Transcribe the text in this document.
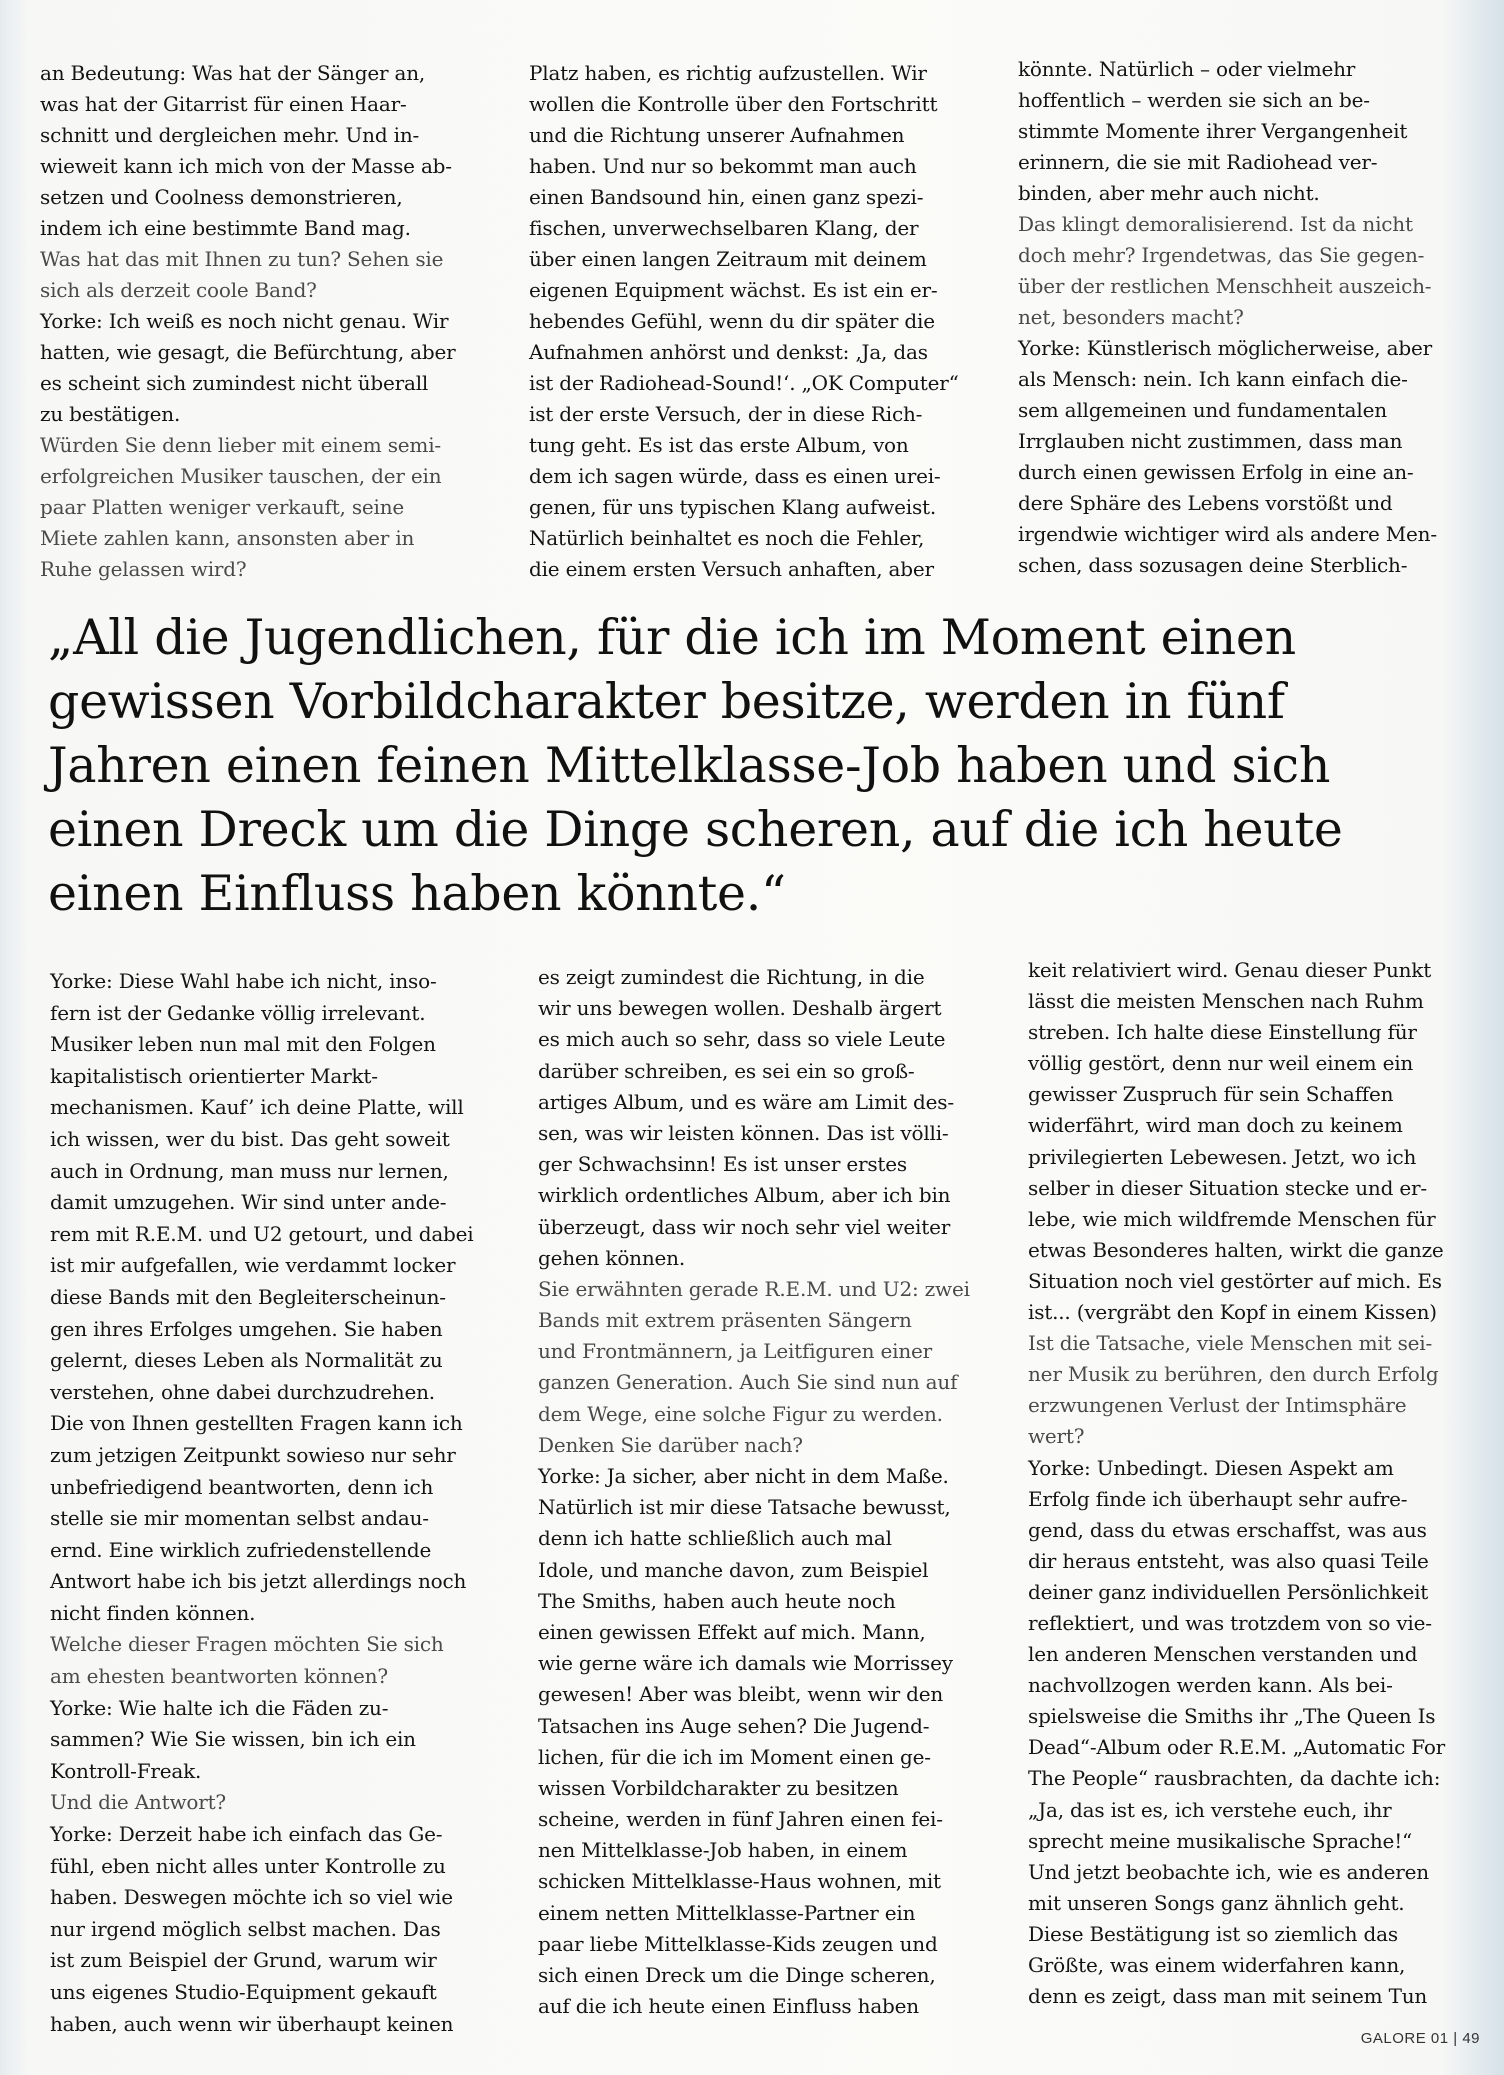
an Bedeutung: Was hat der Sänger an,
was hat der Gitarrist für einen Haar-
schnitt und dergleichen mehr. Und in-
wieweit kann ich mich von der Masse ab-
setzen und Coolness demonstrieren,
indem ich eine bestimmte Band mag.
Was hat das mit Ihnen zu tun? Sehen sie
sich als derzeit coole Band?
Yorke: Ich weiß es noch nicht genau. Wir
hatten, wie gesagt, die Befürchtung, aber
es scheint sich zumindest nicht überall
zu bestätigen.
Würden Sie denn lieber mit einem semi-
erfolgreichen Musiker tauschen, der ein
paar Platten weniger verkauft, seine
Miete zahlen kann, ansonsten aber in
Ruhe gelassen wird?
Platz haben, es richtig aufzustellen. Wir
wollen die Kontrolle über den Fortschritt
und die Richtung unserer Aufnahmen
haben. Und nur so bekommt man auch
einen Bandsound hin, einen ganz spezi-
fischen, unverwechselbaren Klang, der
über einen langen Zeitraum mit deinem
eigenen Equipment wächst. Es ist ein er-
hebendes Gefühl, wenn du dir später die
Aufnahmen anhörst und denkst: ‚Ja, das
ist der Radiohead-Sound!‘. „OK Computer“
ist der erste Versuch, der in diese Rich-
tung geht. Es ist das erste Album, von
dem ich sagen würde, dass es einen urei-
genen, für uns typischen Klang aufweist.
Natürlich beinhaltet es noch die Fehler,
die einem ersten Versuch anhaften, aber
könnte. Natürlich – oder vielmehr
hoffentlich – werden sie sich an be-
stimmte Momente ihrer Vergangenheit
erinnern, die sie mit Radiohead ver-
binden, aber mehr auch nicht.
Das klingt demoralisierend. Ist da nicht
doch mehr? Irgendetwas, das Sie gegen-
über der restlichen Menschheit auszeich-
net, besonders macht?
Yorke: Künstlerisch möglicherweise, aber
als Mensch: nein. Ich kann einfach die-
sem allgemeinen und fundamentalen
Irrglauben nicht zustimmen, dass man
durch einen gewissen Erfolg in eine an-
dere Sphäre des Lebens vorstößt und
irgendwie wichtiger wird als andere Men-
schen, dass sozusagen deine Sterblich-
„All die Jugendlichen, für die ich im Moment einen
gewissen Vorbildcharakter besitze, werden in fünf
Jahren einen feinen Mittelklasse-Job haben und sich
einen Dreck um die Dinge scheren, auf die ich heute
einen Einfluss haben könnte.“
Yorke: Diese Wahl habe ich nicht, inso-
fern ist der Gedanke völlig irrelevant.
Musiker leben nun mal mit den Folgen
kapitalistisch orientierter Markt-
mechanismen. Kauf’ ich deine Platte, will
ich wissen, wer du bist. Das geht soweit
auch in Ordnung, man muss nur lernen,
damit umzugehen. Wir sind unter ande-
rem mit R.E.M. und U2 getourt, und dabei
ist mir aufgefallen, wie verdammt locker
diese Bands mit den Begleiterscheinun-
gen ihres Erfolges umgehen. Sie haben
gelernt, dieses Leben als Normalität zu
verstehen, ohne dabei durchzudrehen.
Die von Ihnen gestellten Fragen kann ich
zum jetzigen Zeitpunkt sowieso nur sehr
unbefriedigend beantworten, denn ich
stelle sie mir momentan selbst andau-
ernd. Eine wirklich zufriedenstellende
Antwort habe ich bis jetzt allerdings noch
nicht finden können.
Welche dieser Fragen möchten Sie sich
am ehesten beantworten können?
Yorke: Wie halte ich die Fäden zu-
sammen? Wie Sie wissen, bin ich ein
Kontroll-Freak.
Und die Antwort?
Yorke: Derzeit habe ich einfach das Ge-
fühl, eben nicht alles unter Kontrolle zu
haben. Deswegen möchte ich so viel wie
nur irgend möglich selbst machen. Das
ist zum Beispiel der Grund, warum wir
uns eigenes Studio-Equipment gekauft
haben, auch wenn wir überhaupt keinen
es zeigt zumindest die Richtung, in die
wir uns bewegen wollen. Deshalb ärgert
es mich auch so sehr, dass so viele Leute
darüber schreiben, es sei ein so groß-
artiges Album, und es wäre am Limit des-
sen, was wir leisten können. Das ist völli-
ger Schwachsinn! Es ist unser erstes
wirklich ordentliches Album, aber ich bin
überzeugt, dass wir noch sehr viel weiter
gehen können.
Sie erwähnten gerade R.E.M. und U2: zwei
Bands mit extrem präsenten Sängern
und Frontmännern, ja Leitfiguren einer
ganzen Generation. Auch Sie sind nun auf
dem Wege, eine solche Figur zu werden.
Denken Sie darüber nach?
Yorke: Ja sicher, aber nicht in dem Maße.
Natürlich ist mir diese Tatsache bewusst,
denn ich hatte schließlich auch mal
Idole, und manche davon, zum Beispiel
The Smiths, haben auch heute noch
einen gewissen Effekt auf mich. Mann,
wie gerne wäre ich damals wie Morrissey
gewesen! Aber was bleibt, wenn wir den
Tatsachen ins Auge sehen? Die Jugend-
lichen, für die ich im Moment einen ge-
wissen Vorbildcharakter zu besitzen
scheine, werden in fünf Jahren einen fei-
nen Mittelklasse-Job haben, in einem
schicken Mittelklasse-Haus wohnen, mit
einem netten Mittelklasse-Partner ein
paar liebe Mittelklasse-Kids zeugen und
sich einen Dreck um die Dinge scheren,
auf die ich heute einen Einfluss haben
keit relativiert wird. Genau dieser Punkt
lässt die meisten Menschen nach Ruhm
streben. Ich halte diese Einstellung für
völlig gestört, denn nur weil einem ein
gewisser Zuspruch für sein Schaffen
widerfährt, wird man doch zu keinem
privilegierten Lebewesen. Jetzt, wo ich
selber in dieser Situation stecke und er-
lebe, wie mich wildfremde Menschen für
etwas Besonderes halten, wirkt die ganze
Situation noch viel gestörter auf mich. Es
ist... (vergräbt den Kopf in einem Kissen)
Ist die Tatsache, viele Menschen mit sei-
ner Musik zu berühren, den durch Erfolg
erzwungenen Verlust der Intimsphäre
wert?
Yorke: Unbedingt. Diesen Aspekt am
Erfolg finde ich überhaupt sehr aufre-
gend, dass du etwas erschaffst, was aus
dir heraus entsteht, was also quasi Teile
deiner ganz individuellen Persönlichkeit
reflektiert, und was trotzdem von so vie-
len anderen Menschen verstanden und
nachvollzogen werden kann. Als bei-
spielsweise die Smiths ihr „The Queen Is
Dead“-Album oder R.E.M. „Automatic For
The People“ rausbrachten, da dachte ich:
„Ja, das ist es, ich verstehe euch, ihr
sprecht meine musikalische Sprache!“
Und jetzt beobachte ich, wie es anderen
mit unseren Songs ganz ähnlich geht.
Diese Bestätigung ist so ziemlich das
Größte, was einem widerfahren kann,
denn es zeigt, dass man mit seinem Tun
GALORE 01 | 49
